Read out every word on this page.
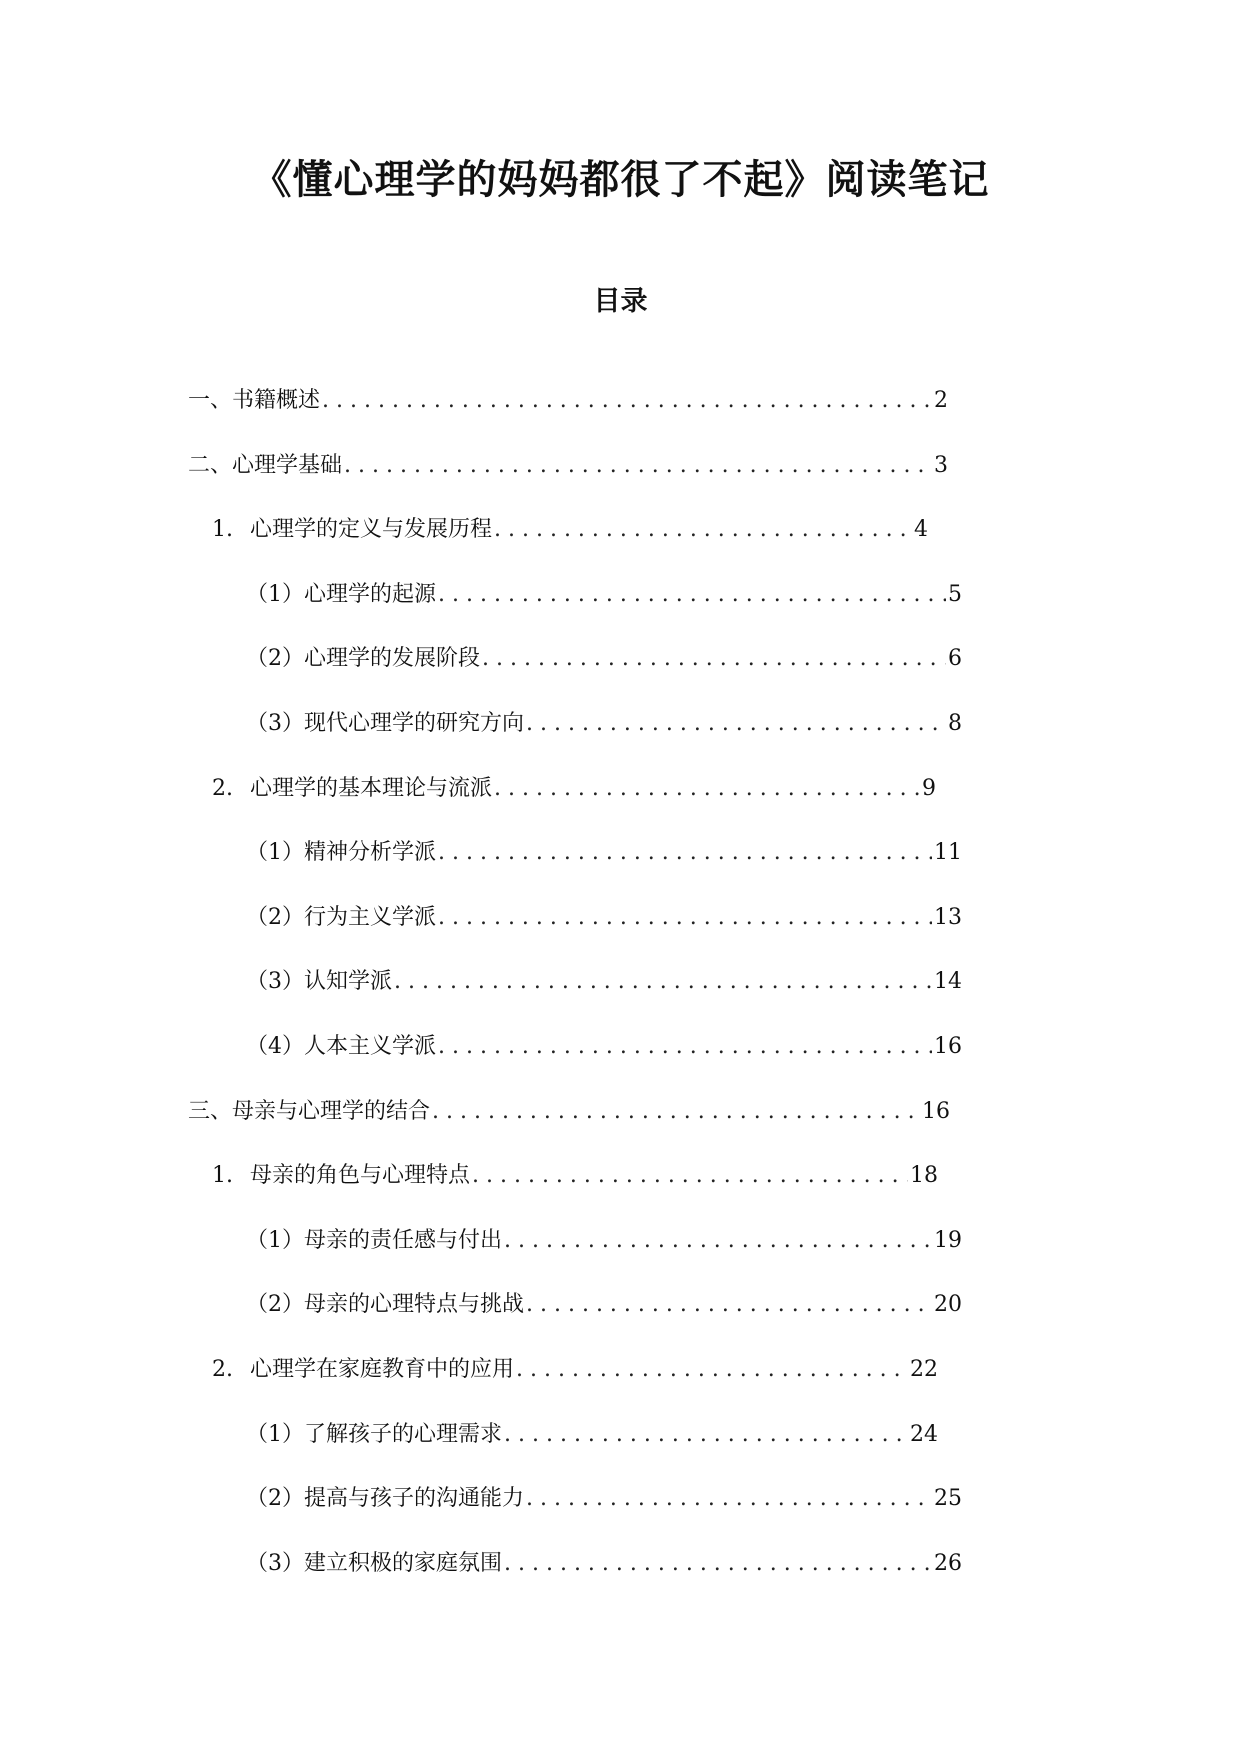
《懂心理学的妈妈都很了不起》阅读笔记
目录
一、 书籍概述 . . .	2
二、 心理学基础 . . .	3
1. 心理学的定义与发展历程 . . .	4
（1） 心理学的起源 . . .	5
（2） 心理学的发展阶段 . . .	6
（3） 现代心理学的研究方向 . . .	8
2. 心理学的基本理论与流派 . . .	9
（1） 精神分析学派 . . .	11
（2） 行为主义学派 . . .	13
（3） 认知学派 . . .	14
（4） 人本主义学派 . . .	16
三、 母亲与心理学的结合 . . .	16
1. 母亲的角色与心理特点 . . .	18
（1） 母亲的责任感与付出 . . .	19
（2） 母亲的心理特点与挑战 . . .	20
2. 心理学在家庭教育中的应用 . . .	22
（1） 了解孩子的心理需求 . . .	24
（2） 提高与孩子的沟通能力 . . .	25
（3） 建立积极的家庭氛围 . . .	26
